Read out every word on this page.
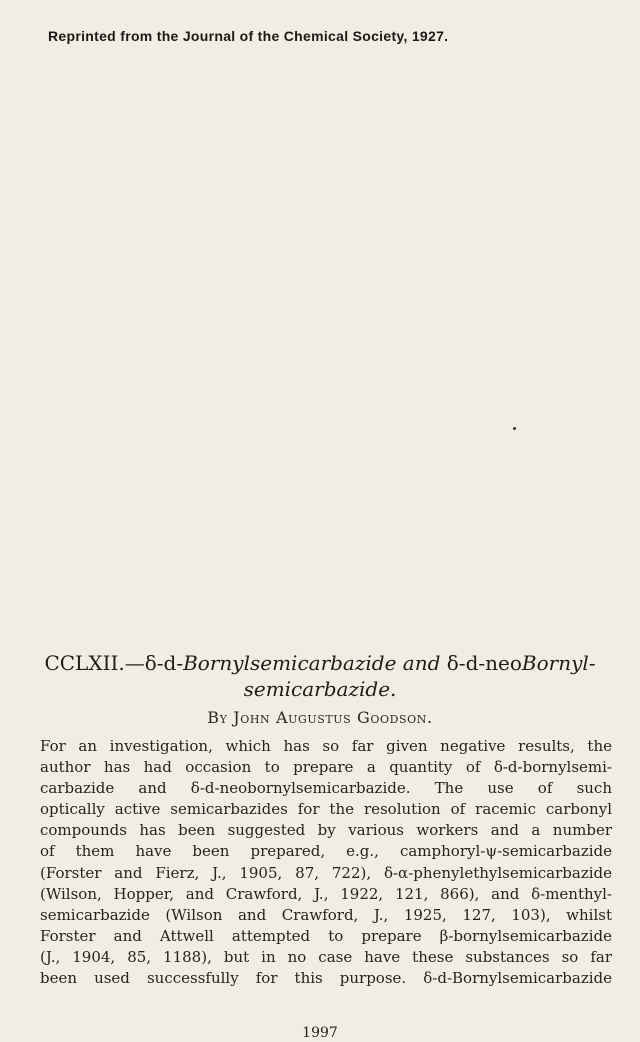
Reprinted from the Journal of the Chemical Society, 1927.
CCLXII.—δ-d-Bornylsemicarbazide and δ-d-neoBornyl-
semicarbazide.
By John Augustus Goodson.
For an investigation, which has so far given negative results, the
author has had occasion to prepare a quantity of δ-d-bornylsemi-
carbazide and δ-d-neobornylsemicarbazide. The use of such
optically active semicarbazides for the resolution of racemic carbonyl
compounds has been suggested by various workers and a number
of them have been prepared, e.g., camphoryl-ψ-semicarbazide
(Forster and Fierz, J., 1905, 87, 722), δ-α-phenylethylsemicarbazide
(Wilson, Hopper, and Crawford, J., 1922, 121, 866), and δ-menthyl-
semicarbazide (Wilson and Crawford, J., 1925, 127, 103), whilst
Forster and Attwell attempted to prepare β-bornylsemicarbazide
(J., 1904, 85, 1188), but in no case have these substances so far
been used successfully for this purpose. δ-d-Bornylsemicarbazide
1997
